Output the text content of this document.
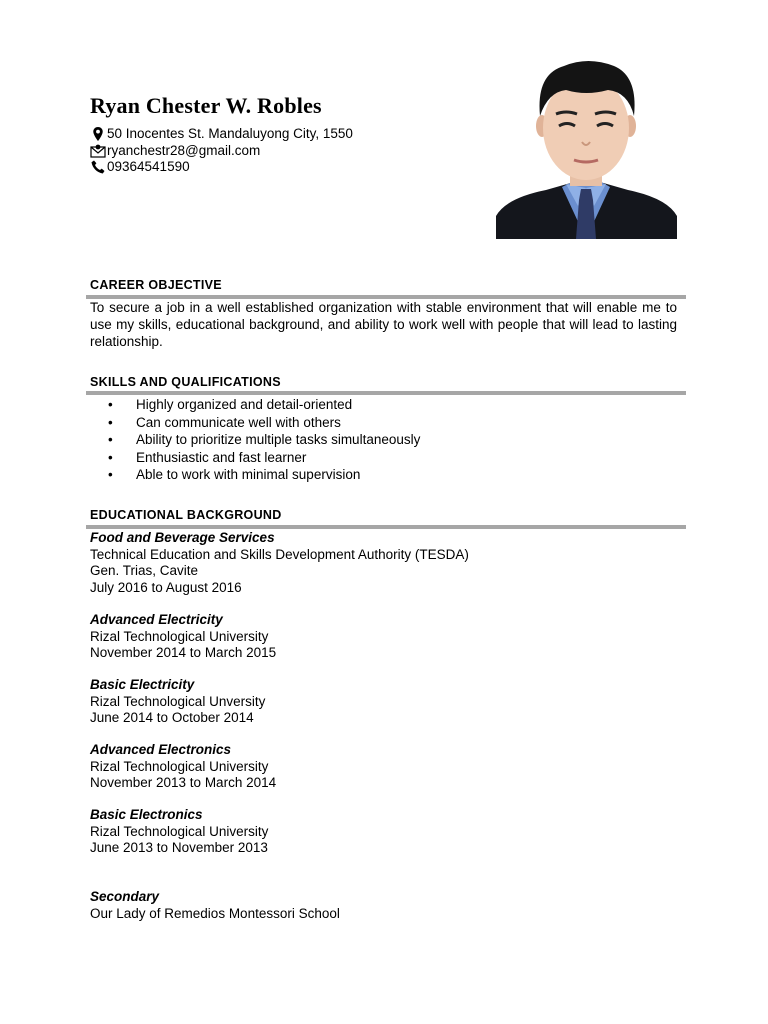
Ryan Chester W. Robles
50 Inocentes St. Mandaluyong City, 1550
ryanchestr28@gmail.com
09364541590
CAREER OBJECTIVE
To secure a job in a well established organization with stable environment that will enable me to use my skills, educational background, and ability to work well with people that will lead to lasting relationship.
SKILLS AND QUALIFICATIONS
•	Highly organized and detail-oriented
•	Can communicate well with others
•	Ability to prioritize multiple tasks simultaneously
•	Enthusiastic and fast learner
•	Able to work with minimal supervision
EDUCATIONAL BACKGROUND
Food and Beverage Services
Technical Education and Skills Development Authority (TESDA)
Gen. Trias, Cavite
July 2016 to August 2016
Advanced Electricity
Rizal Technological University
November 2014 to March 2015
Basic Electricity
Rizal Technological Unversity
June 2014 to October 2014
Advanced Electronics
Rizal Technological University
November 2013 to March 2014
Basic Electronics
Rizal Technological University
June 2013 to November 2013
Secondary
Our Lady of Remedios Montessori School
